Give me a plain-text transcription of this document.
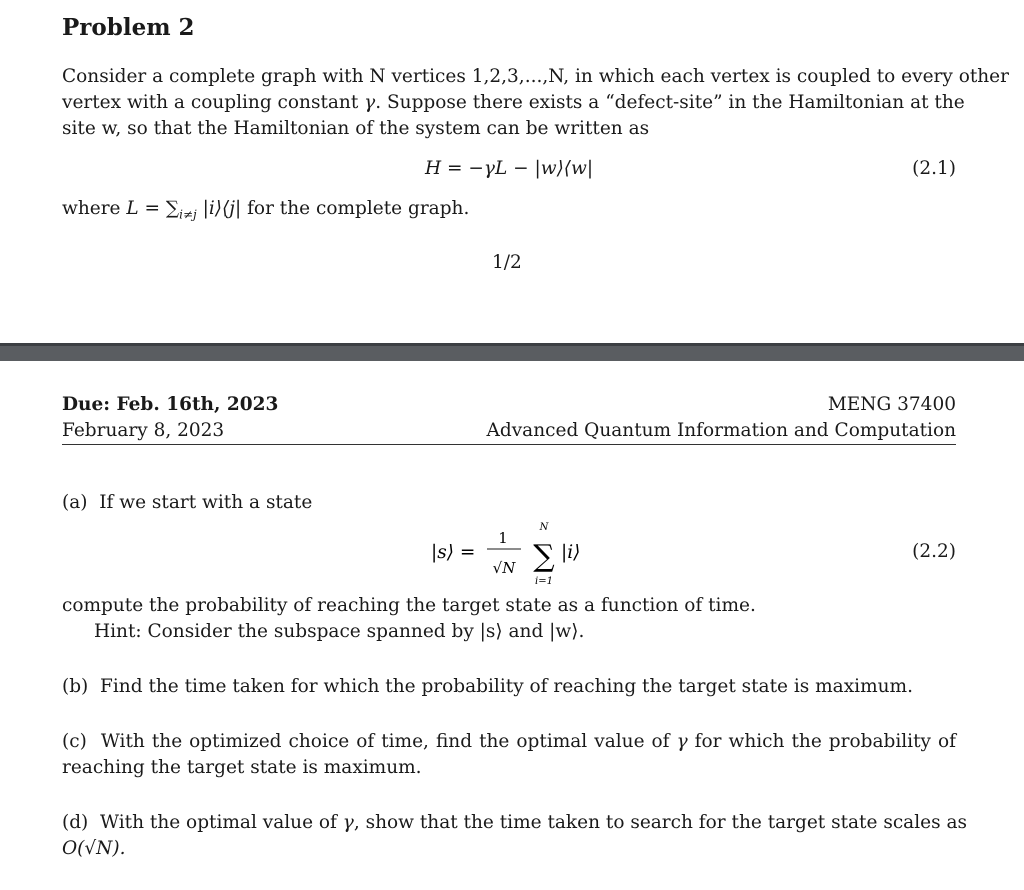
Problem 2
Consider a complete graph with N vertices 1,2,3,...,N, in which each vertex is coupled to every other
vertex with a coupling constant γ. Suppose there exists a “defect-site” in the Hamiltonian at the
site w, so that the Hamiltonian of the system can be written as
H = −γL − |w⟩⟨w|	(2.1)
where $L = \sum_{i\ne j}$ |i⟩⟨j| for the complete graph.
1/2
Due: Feb. 16th, 2023
February 8, 2023
MENG 37400
Advanced Quantum Information and Computation
(a) If we start with a state
|s⟩ =
1
√N
N
∑
i=1
|i⟩	(2.2)
compute the probability of reaching the target state as a function of time.
Hint: Consider the subspace spanned by |s⟩ and |w⟩.
(b) Find the time taken for which the probability of reaching the target state is maximum.
(c) With the optimized choice of time, find the optimal value of γ for which the probability of
reaching the target state is maximum.
(d) With the optimal value of γ, show that the time taken to search for the target state scales as
O(√N).
